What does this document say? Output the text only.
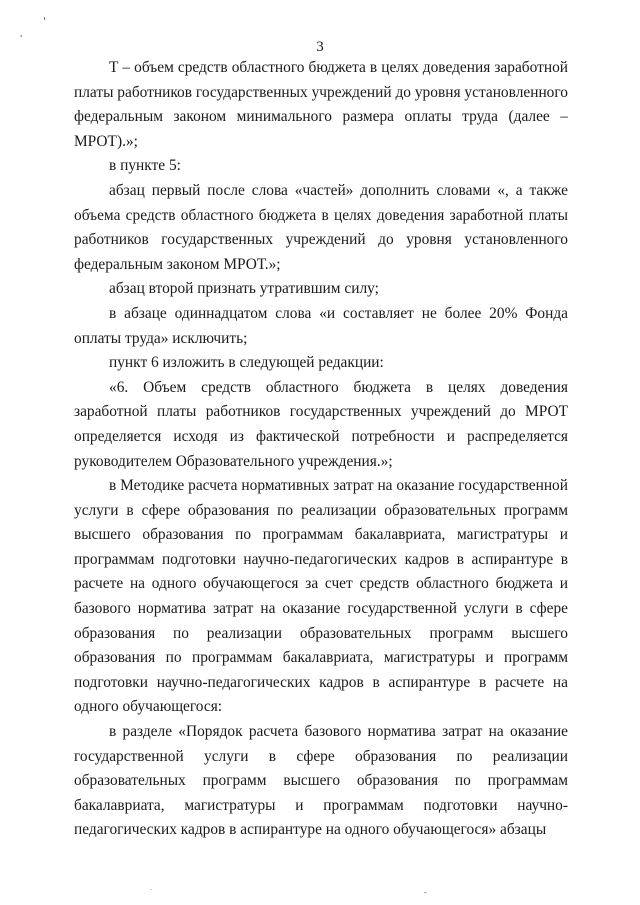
,
'
3

Т – объем средств областного бюджета в целях доведения заработной платы работников государственных учреждений до уровня установленного федеральным законом минимального размера оплаты труда (далее – МРОТ).»;

в пункте 5:

абзац первый после слова «частей» дополнить словами «, а также объема средств областного бюджета в целях доведения заработной платы работников государственных учреждений до уровня установленного федеральным законом МРОТ.»;

абзац второй признать утратившим силу;

в абзаце одиннадцатом слова «и составляет не более 20% Фонда оплаты труда» исключить;

пункт 6 изложить в следующей редакции:

«6. Объем средств областного бюджета в целях доведения заработной платы работников государственных учреждений до МРОТ определяется исходя из фактической потребности и распределяется руководителем Образовательного учреждения.»;

в Методике расчета нормативных затрат на оказание государственной услуги в сфере образования по реализации образовательных программ высшего образования по программам бакалавриата, магистратуры и программам подготовки научно-педагогических кадров в аспирантуре в расчете на одного обучающегося за счет средств областного бюджета и базового норматива затрат на оказание государственной услуги в сфере образования по реализации образовательных программ высшего образования по программам бакалавриата, магистратуры и программ подготовки научно-педагогических кадров в аспирантуре в расчете на одного обучающегося:

в разделе «Порядок расчета базового норматива затрат на оказание государственной услуги в сфере образования по реализации образовательных программ высшего образования по программам бакалавриата, магистратуры и программам подготовки научно-педагогических кадров в аспирантуре на одного обучающегося» абзацы

.
-
